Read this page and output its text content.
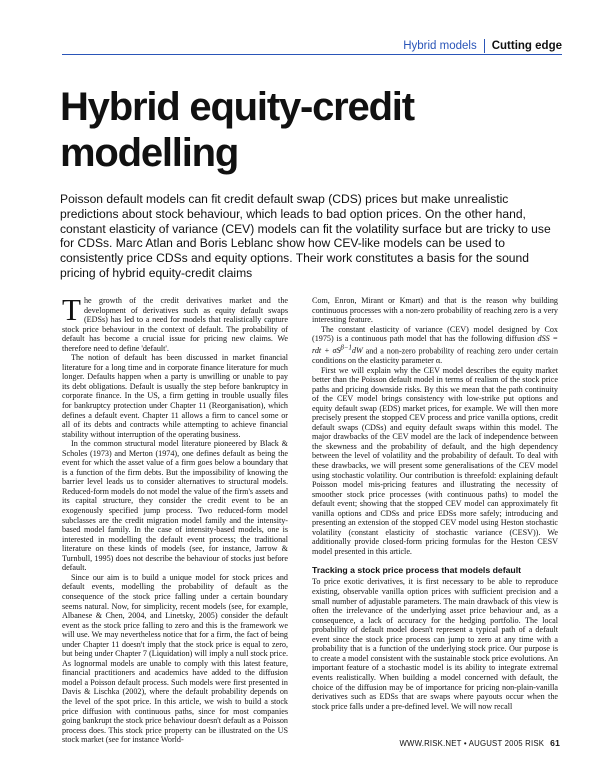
Hybrid models Cutting edge
Hybrid equity-credit modelling

Poisson default models can fit credit default swap (CDS) prices but make unrealistic predictions about stock behaviour, which leads to bad option prices. On the other hand, constant elasticity of variance (CEV) models can fit the volatility surface but are tricky to use for CDSs. Marc Atlan and Boris Leblanc show how CEV-like models can be used to consistently price CDSs and equity options. Their work constitutes a basis for the sound pricing of hybrid equity-credit claims

The growth of the credit derivatives market and the development of derivatives such as equity default swaps (EDSs) has led to a need for models that realistically capture stock price behaviour in the context of default. The probability of default has become a crucial issue for pricing new claims. We therefore need to define 'default'.

The notion of default has been discussed in market financial literature for a long time and in corporate finance literature for much longer. Defaults happen when a party is unwilling or unable to pay its debt obligations. Default is usually the step before bankruptcy in corporate finance. In the US, a firm getting in trouble usually files for bankruptcy protection under Chapter 11 (Reorganisation), which defines a default event. Chapter 11 allows a firm to cancel some or all of its debts and contracts while attempting to achieve financial stability without interruption of the operating business.

In the common structural model literature pioneered by Black & Scholes (1973) and Merton (1974), one defines default as being the event for which the asset value of a firm goes below a boundary that is a function of the firm debts. But the impossibility of knowing the barrier level leads us to consider alternatives to structural models. Reduced-form models do not model the value of the firm's assets and its capital structure, they consider the credit event to be an exogenously specified jump process. Two reduced-form model subclasses are the credit migration model family and the intensity-based model family. In the case of intensity-based models, one is interested in modelling the default event process; the traditional literature on these kinds of models (see, for instance, Jarrow & Turnbull, 1995) does not describe the behaviour of stocks just before default.

Since our aim is to build a unique model for stock prices and default events, modelling the probability of default as the consequence of the stock price falling under a certain boundary seems natural. Now, for simplicity, recent models (see, for example, Albanese & Chen, 2004, and Linetsky, 2005) consider the default event as the stock price falling to zero and this is the framework we will use. We may nevertheless notice that for a firm, the fact of being under Chapter 11 doesn't imply that the stock price is equal to zero, but being under Chapter 7 (Liquidation) will imply a null stock price. As lognormal models are unable to comply with this latest feature, financial practitioners and academics have added to the diffusion model a Poisson default process. Such models were first presented in Davis & Lischka (2002), where the default probability depends on the level of the spot price. In this article, we wish to build a stock price diffusion with continuous paths, since for most companies going bankrupt the stock price behaviour doesn't default as a Poisson process does. This stock price property can be illustrated on the US stock market (see for instance World-

Com, Enron, Mirant or Kmart) and that is the reason why building continuous processes with a non-zero probability of reaching zero is a very interesting feature.

The constant elasticity of variance (CEV) model designed by Cox (1975) is a continuous path model that has the following diffusion dSS = rdt + $\sigma S^{\beta-1}dW$ and a non-zero probability of reaching zero under certain conditions on the elasticity parameter α.

First we will explain why the CEV model describes the equity market better than the Poisson default model in terms of realism of the stock price paths and pricing downside risks. By this we mean that the path continuity of the CEV model brings consistency with low-strike put options and equity default swap (EDS) market prices, for example. We will then more precisely present the stopped CEV process and price vanilla options, credit default swaps (CDSs) and equity default swaps within this model. The major drawbacks of the CEV model are the lack of independence between the skewness and the probability of default, and the high dependency between the level of volatility and the probability of default. To deal with these drawbacks, we will present some generalisations of the CEV model using stochastic volatility. Our contribution is threefold: explaining default Poisson model mis-pricing features and illustrating the necessity of smoother stock price processes (with continuous paths) to model the default event; showing that the stopped CEV model can approximately fit vanilla options and CDSs and price EDSs more safely; introducing and presenting an extension of the stopped CEV model using Heston stochastic volatility (constant elasticity of stochastic variance (CESV)). We additionally provide closed-form pricing formulas for the Heston CESV model presented in this article.

Tracking a stock price process that models default

To price exotic derivatives, it is first necessary to be able to reproduce existing, observable vanilla option prices with sufficient precision and a small number of adjustable parameters. The main drawback of this view is often the irrelevance of the underlying asset price behaviour and, as a consequence, a lack of accuracy for the hedging portfolio. The local probability of default model doesn't represent a typical path of a default event since the stock price process can jump to zero at any time with a probability that is a function of the underlying stock price. Our purpose is to create a model consistent with the sustainable stock price evolutions. An important feature of a stochastic model is its ability to integrate extremal events realistically. When building a model concerned with default, the choice of the diffusion may be of importance for pricing non-plain-vanilla derivatives such as EDSs that are swaps where payouts occur when the stock price falls under a pre-defined level. We will now recall

WWW.RISK.NET • AUGUST 2005 RISK 61
